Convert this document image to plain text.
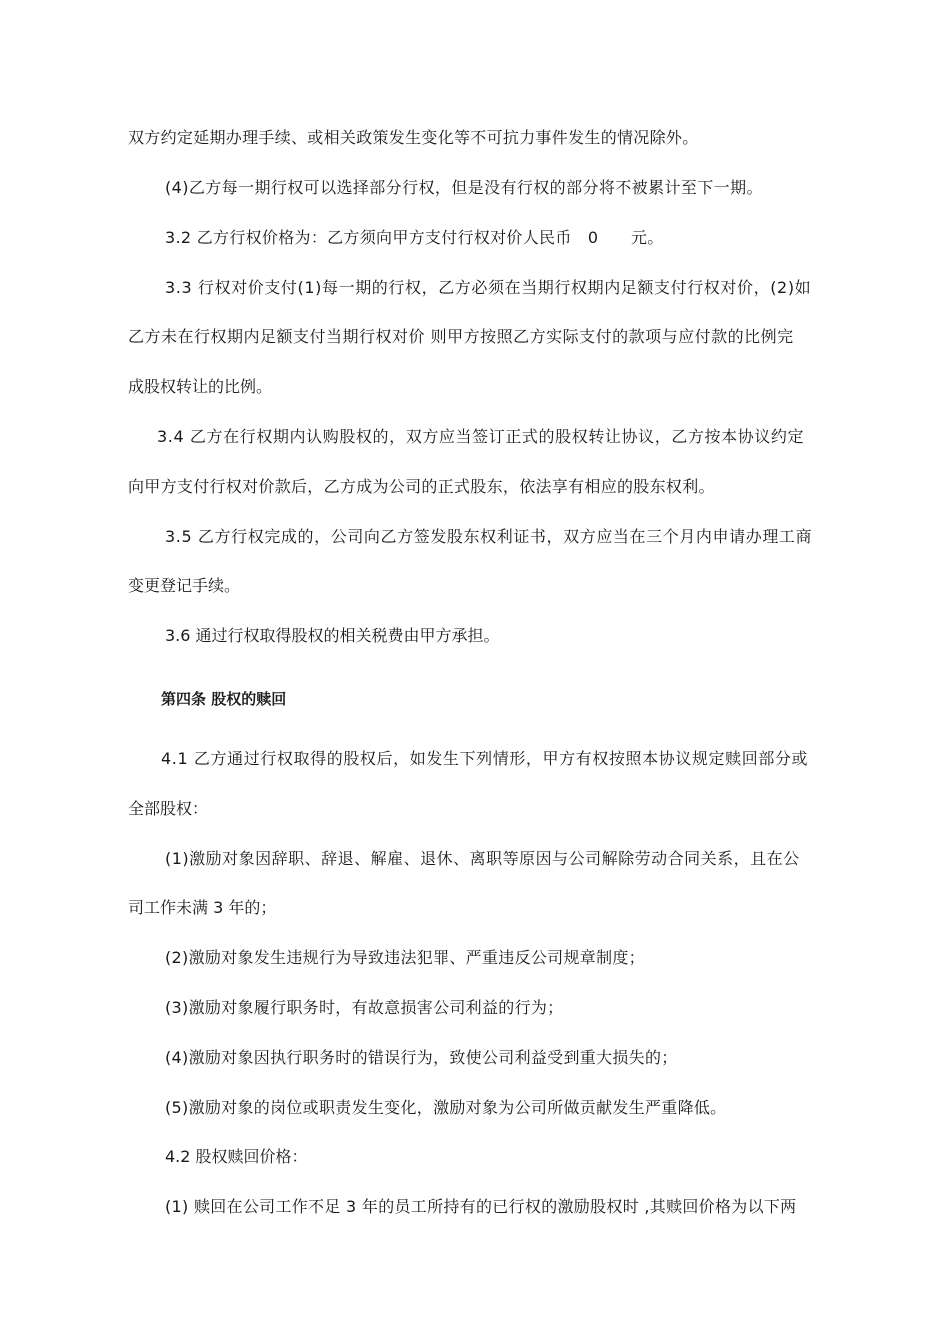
双方约定延期办理手续、或相关政策发生变化等不可抗力事件发生的情况除外。

(4)乙方每一期行权可以选择部分行权，但是没有行权的部分将不被累计至下一期。

3.2 乙方行权价格为：乙方须向甲方支付行权对价人民币　0　　元。

3.3 行权对价支付(1)每一期的行权，乙方必须在当期行权期内足额支付行权对价，(2)如

乙方未在行权期内足额支付当期行权对价 则甲方按照乙方实际支付的款项与应付款的比例完

成股权转让的比例。

3.4 乙方在行权期内认购股权的，双方应当签订正式的股权转让协议，乙方按本协议约定

向甲方支付行权对价款后，乙方成为公司的正式股东，依法享有相应的股东权利。

3.5 乙方行权完成的，公司向乙方签发股东权利证书，双方应当在三个月内申请办理工商

变更登记手续。

3.6 通过行权取得股权的相关税费由甲方承担。

第四条 股权的赎回

4.1 乙方通过行权取得的股权后，如发生下列情形，甲方有权按照本协议规定赎回部分或

全部股权：

(1)激励对象因辞职、辞退、解雇、退休、离职等原因与公司解除劳动合同关系，且在公

司工作未满 3 年的；

(2)激励对象发生违规行为导致违法犯罪、严重违反公司规章制度；

(3)激励对象履行职务时，有故意损害公司利益的行为；

(4)激励对象因执行职务时的错误行为，致使公司利益受到重大损失的；

(5)激励对象的岗位或职责发生变化，激励对象为公司所做贡献发生严重降低。

4.2 股权赎回价格：

(1) 赎回在公司工作不足 3 年的员工所持有的已行权的激励股权时 ,其赎回价格为以下两
